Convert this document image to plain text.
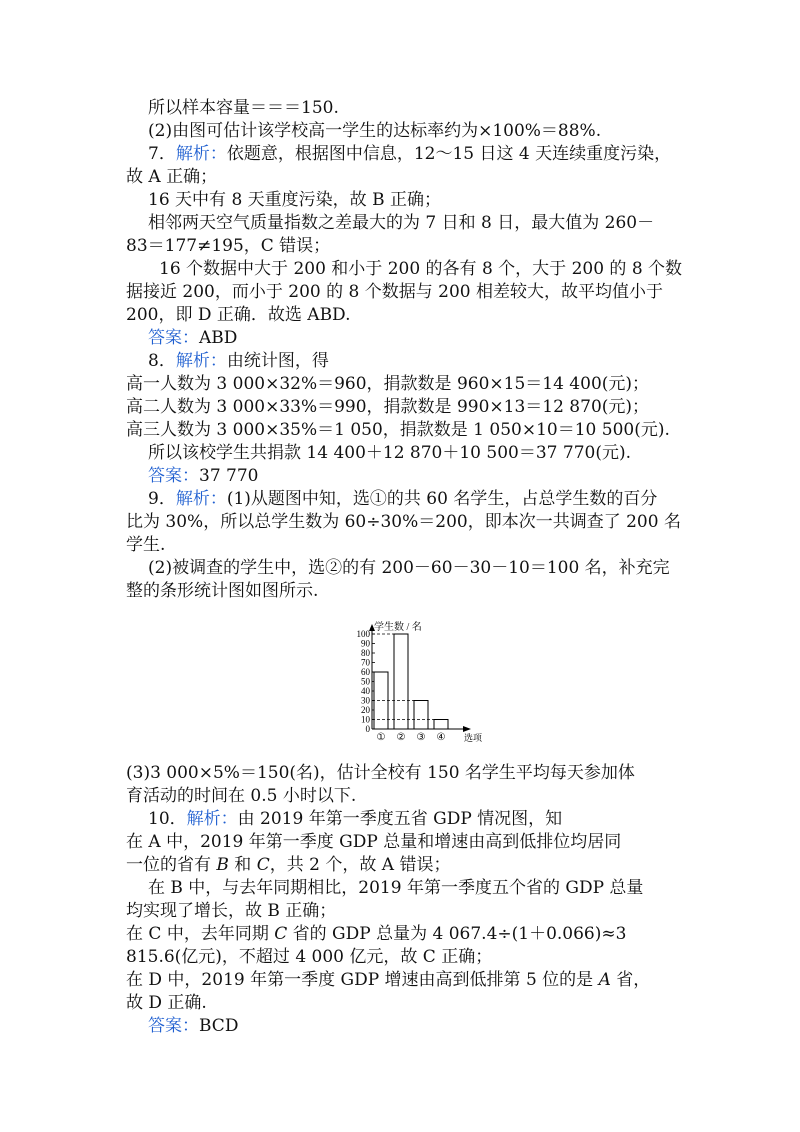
所以样本容量＝＝＝150.
(2)由图可估计该学校高一学生的达标率约为×100%＝88%.
7．解析：依题意，根据图中信息，12～15 日这 4 天连续重度污染，
故 A 正确；
16 天中有 8 天重度污染，故 B 正确；
相邻两天空气质量指数之差最大的为 7 日和 8 日，最大值为 260－
83＝177≠195，C 错误；
16 个数据中大于 200 和小于 200 的各有 8 个，大于 200 的 8 个数
据接近 200，而小于 200 的 8 个数据与 200 相差较大，故平均值小于
200，即 D 正确．故选 ABD.
答案：ABD
8．解析：由统计图，得
高一人数为 3 000×32%＝960，捐款数是 960×15＝14 400(元)；
高二人数为 3 000×33%＝990，捐款数是 990×13＝12 870(元)；
高三人数为 3 000×35%＝1 050，捐款数是 1 050×10＝10 500(元).
所以该校学生共捐款 14 400＋12 870＋10 500＝37 770(元).
答案：37 770
9．解析：(1)从题图中知，选①的共 60 名学生，占总学生数的百分
比为 30%，所以总学生数为 60÷30%＝200，即本次一共调查了 200 名
学生.
(2)被调查的学生中，选②的有 200－60－30－10＝100 名，补充完
整的条形统计图如图所示.
(3)3 000×5%＝150(名)，估计全校有 150 名学生平均每天参加体
育活动的时间在 0.5 小时以下.
10．解析：由 2019 年第一季度五省 GDP 情况图，知
在 A 中，2019 年第一季度 GDP 总量和增速由高到低排位均居同
一位的省有 B 和 C，共 2 个，故 A 错误；
在 B 中，与去年同期相比，2019 年第一季度五个省的 GDP 总量
均实现了增长，故 B 正确；
在 C 中，去年同期 C 省的 GDP 总量为 4 067.4÷(1＋0.066)≈3
815.6(亿元)，不超过 4 000 亿元，故 C 正确；
在 D 中，2019 年第一季度 GDP 增速由高到低排第 5 位的是 A 省，
故 D 正确.
答案：BCD
0
10
20
30
40
50
60
70
80
90
100
学生数 / 名
① ② ③ ④ 选项
